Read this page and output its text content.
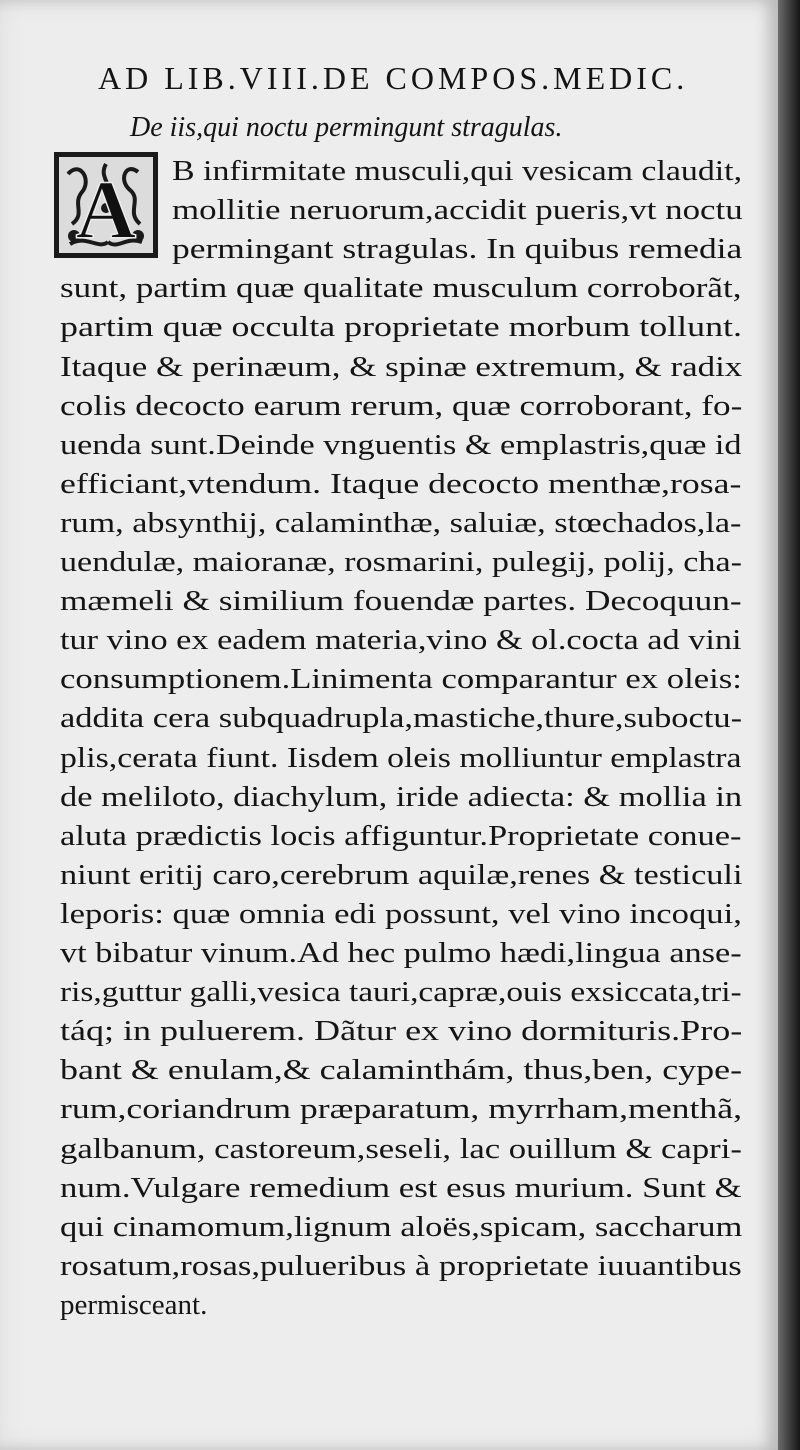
AD LIB.VIII.DE COMPOS.MEDIC.
De iis,qui noctu permingunt stragulas.
A B infirmitate musculi,qui vesicam claudit,
mollitie neruorum,accidit pueris,vt noctu
permingant stragulas. In quibus remedia
sunt, partim quæ qualitate musculum corroborãt,
partim quæ occulta proprietate morbum tollunt.
Itaque & perinæum, & spinæ extremum, & radix
colis decocto earum rerum, quæ corroborant, fo-
uenda sunt.Deinde vnguentis & emplastris,quæ id
efficiant,vtendum. Itaque decocto menthæ,rosa-
rum, absynthij, calaminthæ, saluiæ, stœchados,la-
uendulæ, maioranæ, rosmarini, pulegij, polij, cha-
mæmeli & similium fouendæ partes. Decoquun-
tur vino ex eadem materia,vino & ol.cocta ad vini
consumptionem.Linimenta comparantur ex oleis:
addita cera subquadrupla,mastiche,thure,suboctu-
plis,cerata fiunt. Iisdem oleis molliuntur emplastra
de meliloto, diachylum, iride adiecta: & mollia in
aluta prædictis locis affiguntur.Proprietate conue-
niunt eritij caro,cerebrum aquilæ,renes & testiculi
leporis: quæ omnia edi possunt, vel vino incoqui,
vt bibatur vinum.Ad hec pulmo hædi,lingua anse-
ris,guttur galli,vesica tauri,capræ,ouis exsiccata,tri-
táq; in puluerem. Dãtur ex vino dormituris.Pro-
bant & enulam,& calaminthám, thus,ben, cype-
rum,coriandrum præparatum, myrrham,menthã,
galbanum, castoreum,seseli, lac ouillum & capri-
num.Vulgare remedium est esus murium. Sunt &
qui cinamomum,lignum aloës,spicam, saccharum
rosatum,rosas,pulueribus à proprietate iuuantibus
permisceant.
